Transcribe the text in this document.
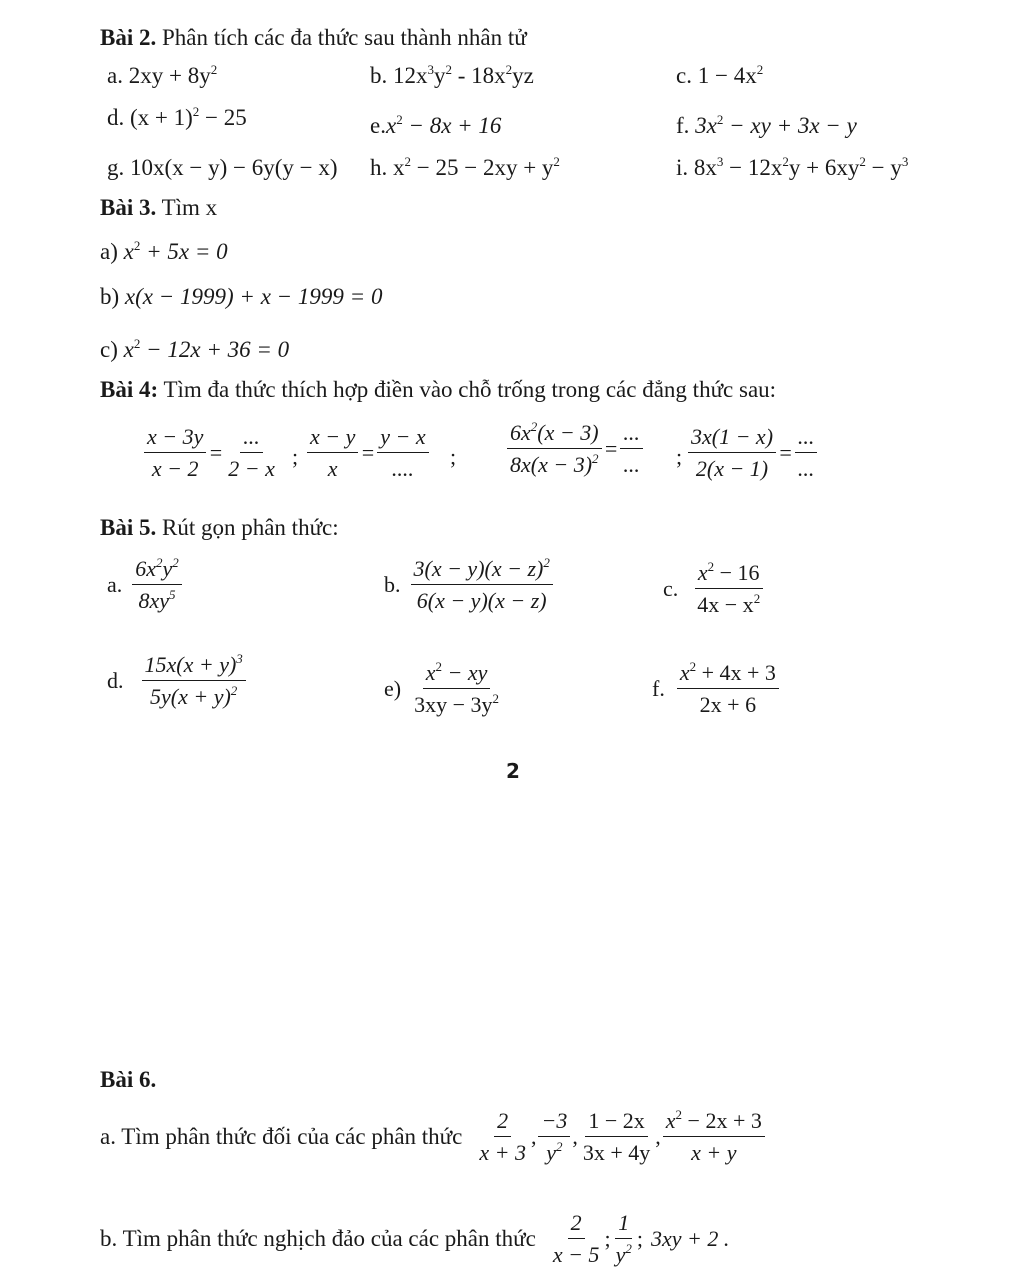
Bài 2. Phân tích các đa thức sau thành nhân tử
a. $2xy + 8y^2$	b. $12x^3y^2 - 18x^2yz$	c. $1 - 4x^2$
d. $(x + 1)^2 - 25$	$e.x^2 - 8x + 16$	f. $3x^2$ − xy + 3x − y
g. 10x(x − y) − 6y(y − x) h. $x^2 - 25 - 2xy + y^2$	i. $8x^3 - 12x^2y + 6xy^2 - y^3$
Bài 3. Tìm x
a) $x^2 + 5x = 0$
b) x(x − 1999) + x − 1999 = 0
c) $x^2 - 12x + 36 = 0$
Bài 4: Tìm đa thức thích hợp điền vào chỗ trống trong các đẳng thức sau:
$\frac{x - 3y}{x - 2} = \frac{...}{2 - x}$ ; $\frac{x - y}{x} = \frac{y - x}{....}$ ; $\frac{6x^2(x - 3)}{8x(x - 3)^2} = \frac{...}{...}$ ; $\frac{3x(1 - x)}{2(x - 1)} = \frac{...}{...}$
Bài 5. Rút gọn phân thức:
a. $\frac{6x^2y^2}{8xy^5}$	b. $\frac{3(x - y)(x - z)^2}{6(x - y)(x - z)}$	c. $\frac{x^2 - 16}{4x - x^2}$
d. $\frac{15x(x + y)^3}{5y(x + y)^2}$	$e) \frac{x^2 - xy}{3xy - 3y^2}$	f. $\frac{x^2 + 4x + 3}{2x + 6}$
2
Bài 6.
a. Tìm phân thức đối của các phân thức $\frac{2}{x + 3}$ , $\frac{-3}{y^2}$ , $\frac{1 - 2x}{3x + 4y}$ , $\frac{x^2 - 2x + 3}{x + y}$
b. Tìm phân thức nghịch đảo của các phân thức $\frac{2}{x - 5}$ ; $\frac{1}{y^2}$ ; 3xy + 2 .
